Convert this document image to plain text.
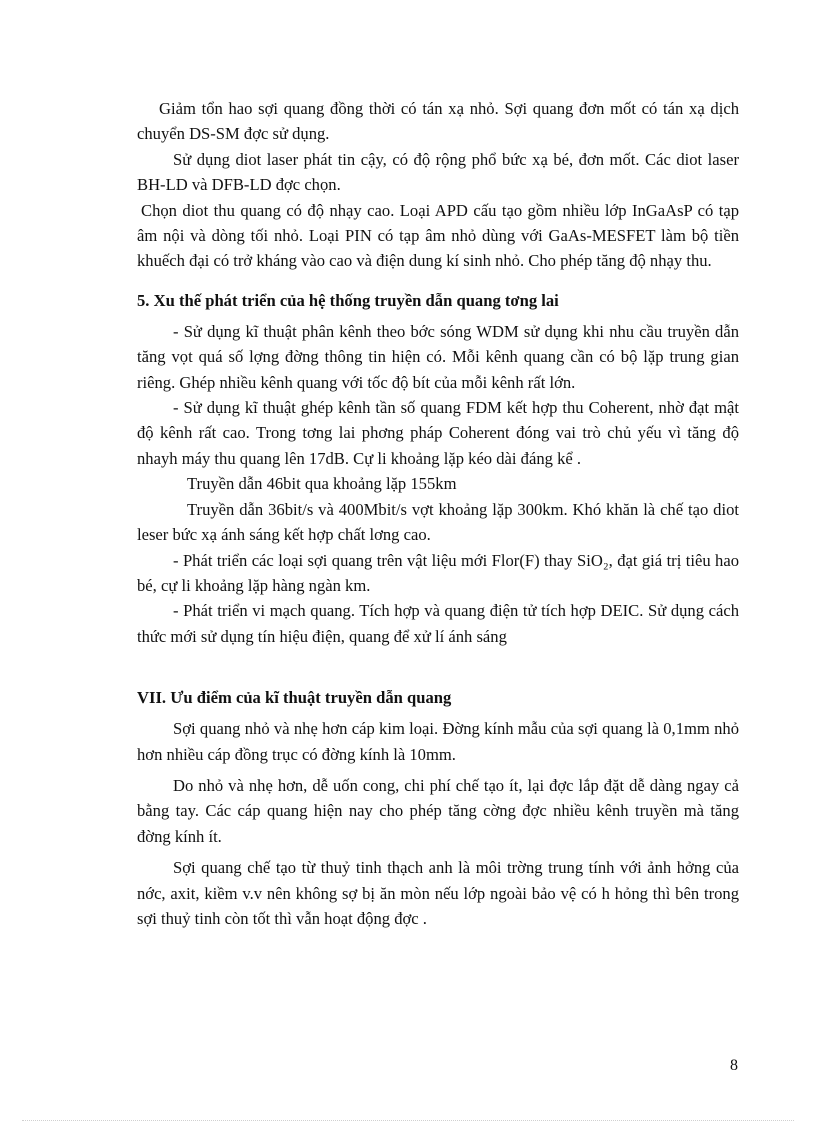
Giảm tổn hao sợi quang đồng thời có tán xạ nhỏ. Sợi quang đơn mốt có tán xạ dịch chuyển DS-SM đợc sử dụng.

Sử dụng diot laser phát tin cậy, có độ rộng phổ bức xạ bé, đơn mốt. Các diot laser BH-LD và DFB-LD đợc chọn.

Chọn diot thu quang có độ nhạy cao. Loại APD cấu tạo gồm nhiều lớp InGaAsP có tạp âm nội và dòng tối nhỏ. Loại PIN có tạp âm nhỏ dùng với GaAs-MESFET làm bộ tiền khuếch đại có trở kháng vào cao và điện dung kí sinh nhỏ. Cho phép tăng độ nhạy thu.

5. Xu thế phát triển của hệ thống truyền dẫn quang tơng lai

- Sử dụng kĩ thuật phân kênh theo bớc sóng WDM sử dụng khi nhu cầu truyền dẫn tăng vọt quá số lợng đờng thông tin hiện có. Mỗi kênh quang cần có bộ lặp trung gian riêng. Ghép nhiều kênh quang với tốc độ bít của mỗi kênh rất lớn.

- Sử dụng kĩ thuật ghép kênh tần số quang FDM kết hợp thu Coherent, nhờ đạt mật độ kênh rất cao. Trong tơng lai phơng pháp Coherent đóng vai trò chủ yếu vì tăng độ nhayh máy thu quang lên 17dB. Cự li khoảng lặp kéo dài đáng kể .

Truyền dẫn 46bit qua khoảng lặp 155km

Truyền dẫn 36bit/s và 400Mbit/s vợt khoảng lặp 300km. Khó khăn là chế tạo diot leser bức xạ ánh sáng kết hợp chất lơng cao.

- Phát triển các loại sợi quang trên vật liệu mới Flor(F) thay SiO₂, đạt giá trị tiêu hao bé, cự li khoảng lặp hàng ngàn km.

- Phát triển vi mạch quang. Tích hợp và quang điện tử tích hợp DEIC. Sử dụng cách thức mới sử dụng tín hiệu điện, quang để xử lí ánh sáng

VII. Ưu điểm của kĩ thuật truyền dẫn quang

Sợi quang nhỏ và nhẹ hơn cáp kim loại. Đờng kính mẫu của sợi quang là 0,1mm nhỏ hơn nhiều cáp đồng trục có đờng kính là 10mm.

Do nhỏ và nhẹ hơn, dễ uốn cong, chi phí chế tạo ít, lại đợc lắp đặt dễ dàng ngay cả bằng tay. Các cáp quang hiện nay cho phép tăng cờng đợc nhiều kênh truyền mà tăng đờng kính ít.

Sợi quang chế tạo từ thuỷ tinh thạch anh là môi trờng trung tính với ảnh hởng của nớc, axit, kiềm v.v nên không sợ bị ăn mòn nếu lớp ngoài bảo vệ có h hỏng thì bên trong sợi thuỷ tinh còn tốt thì vẫn hoạt động đợc .

8
